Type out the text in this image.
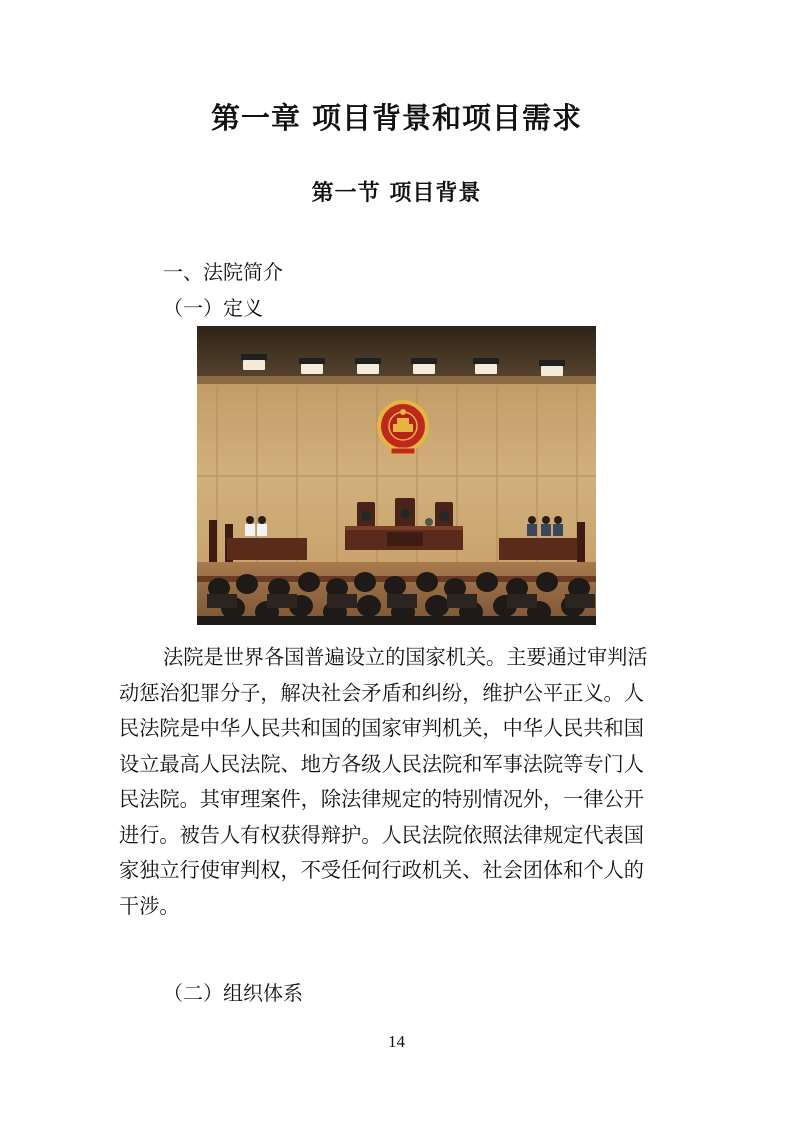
第一章 项目背景和项目需求
第一节 项目背景

一、法院简介

（一）定义

法院是世界各国普遍设立的国家机关。主要通过审判活
动惩治犯罪分子，解决社会矛盾和纠纷，维护公平正义。人
民法院是中华人民共和国的国家审判机关，中华人民共和国
设立最高人民法院、地方各级人民法院和军事法院等专门人
民法院。其审理案件，除法律规定的特别情况外，一律公开
进行。被告人有权获得辩护。人民法院依照法律规定代表国
家独立行使审判权，不受任何行政机关、社会团体和个人的
干涉。

（二）组织体系

14
